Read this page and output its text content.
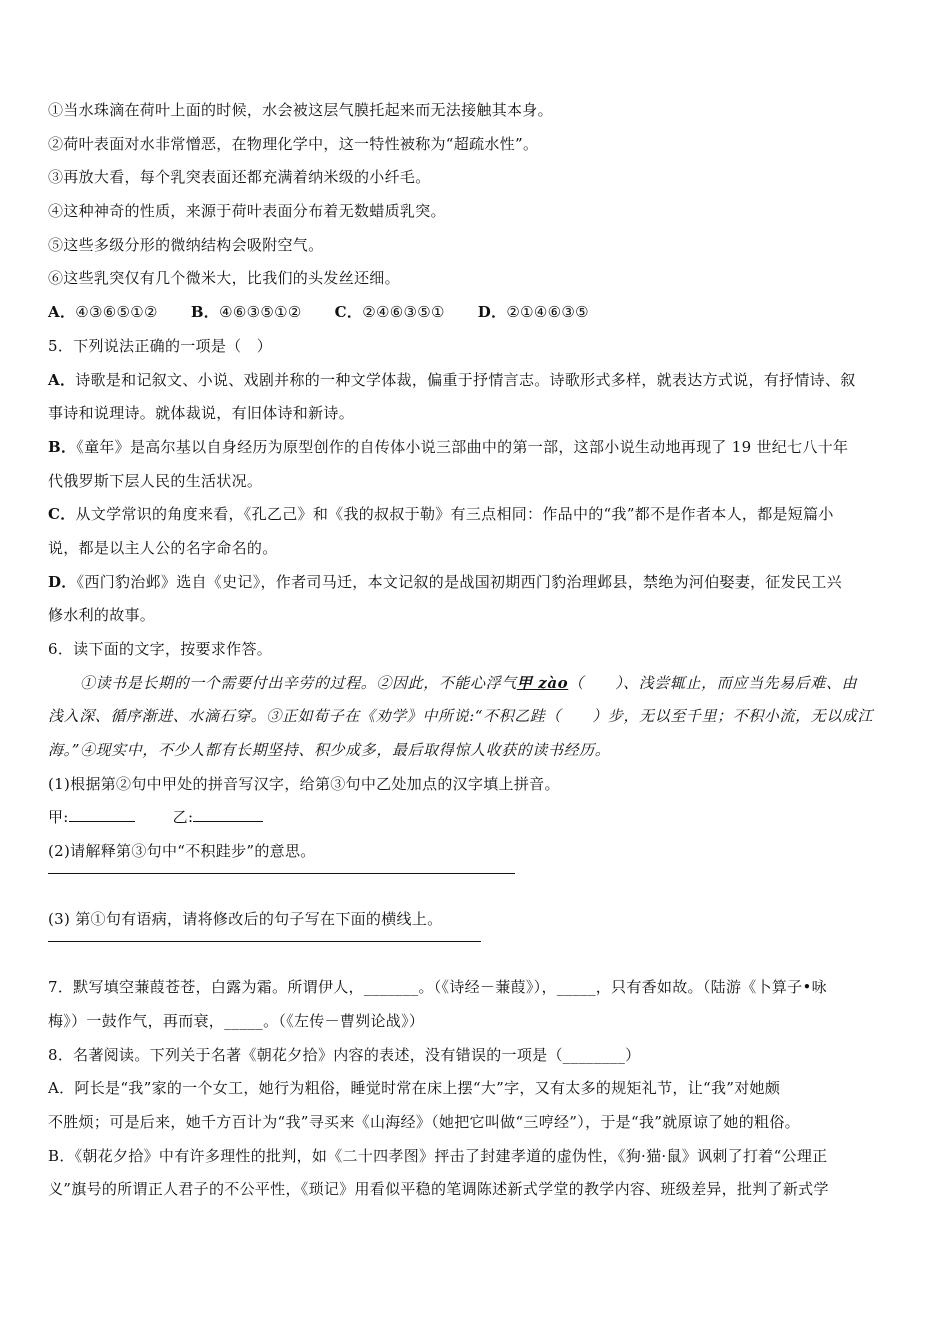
①当水珠滴在荷叶上面的时候，水会被这层气膜托起来而无法接触其本身。
②荷叶表面对水非常憎恶，在物理化学中，这一特性被称为“超疏水性”。
③再放大看，每个乳突表面还都充满着纳米级的小纤毛。
④这种神奇的性质，来源于荷叶表面分布着无数蜡质乳突。
⑤这些多级分形的微纳结构会吸附空气。
⑥这些乳突仅有几个微米大，比我们的头发丝还细。
A．④③⑥⑤①② B．④⑥③⑤①② C．②④⑥③⑤① D．②①④⑥③⑤
5．下列说法正确的一项是（　）
A．诗歌是和记叙文、小说、戏剧并称的一种文学体裁，偏重于抒情言志。诗歌形式多样，就表达方式说，有抒情诗、叙
事诗和说理诗。就体裁说，有旧体诗和新诗。
B．《童年》是高尔基以自身经历为原型创作的自传体小说三部曲中的第一部，这部小说生动地再现了 19 世纪七八十年
代俄罗斯下层人民的生活状况。
C．从文学常识的角度来看，《孔乙己》和《我的叔叔于勒》有三点相同：作品中的“我”都不是作者本人，都是短篇小
说，都是以主人公的名字命名的。
D．《西门豹治邺》选自《史记》，作者司马迁，本文记叙的是战国初期西门豹治理邺县，禁绝为河伯娶妻，征发民工兴
修水利的故事。
6．读下面的文字，按要求作答。
①读书是长期的一个需要付出辛劳的过程。②因此，不能心浮气甲 zào（　　）、浅尝辄止，而应当先易后难、由
浅入深、循序渐进、水滴石穿。③正如荀子在《劝学》中所说:“不积乙跬（　　）步，无以至千里；不积小流，无以成江
海。”④现实中，不少人都有长期坚持、积少成多，最后取得惊人收获的读书经历。
(1)根据第②句中甲处的拼音写汉字，给第③句中乙处加点的汉字填上拼音。
甲:	乙:
(2)请解释第③句中“不积跬步”的意思。
(3) 第①句有语病，请将修改后的句子写在下面的横线上。
7．默写填空蒹葭苍苍，白露为霜。所谓伊人，_______。（《诗经－蒹葭》），_____，只有香如故。（陆游《卜算子•咏
梅》）一鼓作气，再而衰，_____。（《左传－曹刿论战》）
8．名著阅读。下列关于名著《朝花夕拾》内容的表述，没有错误的一项是（________）
A．阿长是“我”家的一个女工，她行为粗俗，睡觉时常在床上摆“大”字，又有太多的规矩礼节，让“我”对她颇
不胜烦；可是后来，她千方百计为“我”寻买来《山海经》（她把它叫做“三哼经”），于是“我”就原谅了她的粗俗。
B．《朝花夕拾》中有许多理性的批判，如《二十四孝图》抨击了封建孝道的虚伪性，《狗·猫·鼠》讽刺了打着“公理正
义”旗号的所谓正人君子的不公平性，《琐记》用看似平稳的笔调陈述新式学堂的教学内容、班级差异，批判了新式学
